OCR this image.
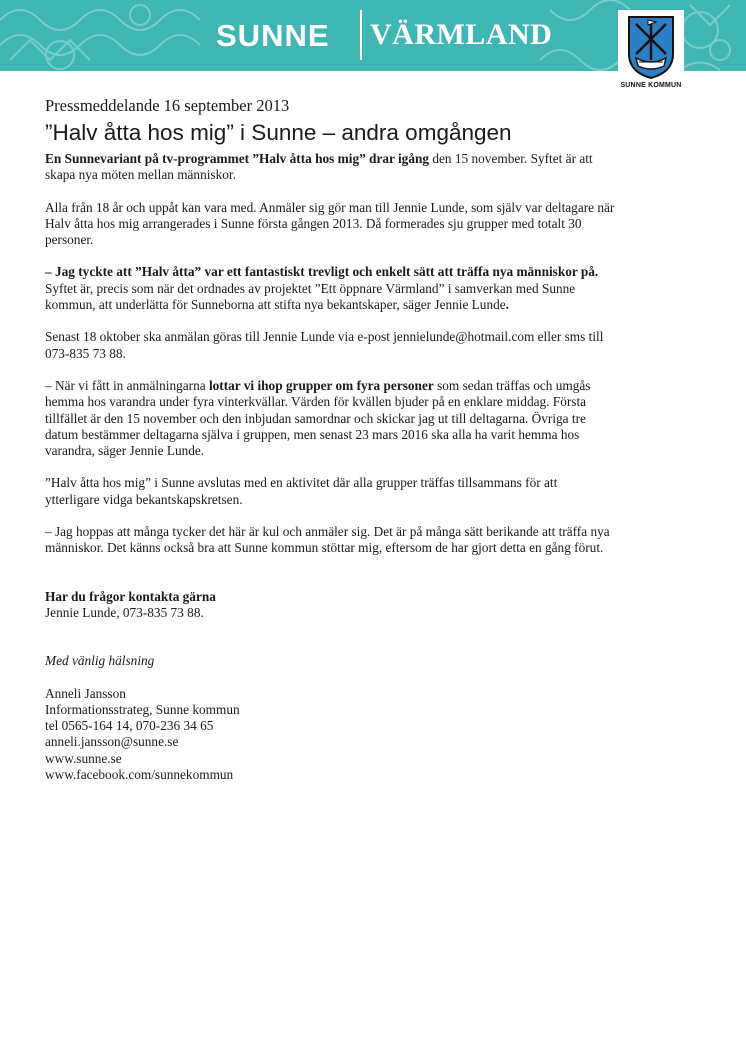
SUNNE VÄRMLAND
SUNNE KOMMUN

Pressmeddelande 16 september 2013

”Halv åtta hos mig” i Sunne – andra omgången

En Sunnevariant på tv-programmet ”Halv åtta hos mig” drar igång den 15 november. Syftet är att skapa nya möten mellan människor.

Alla från 18 år och uppåt kan vara med. Anmäler sig gör man till Jennie Lunde, som själv var deltagare när Halv åtta hos mig arrangerades i Sunne första gången 2013. Då formerades sju grupper med totalt 30 personer.

– Jag tyckte att ”Halv åtta” var ett fantastiskt trevligt och enkelt sätt att träffa nya människor på. Syftet är, precis som när det ordnades av projektet ”Ett öppnare Värmland” i samverkan med Sunne kommun, att underlätta för Sunneborna att stifta nya bekantskaper, säger Jennie Lunde.

Senast 18 oktober ska anmälan göras till Jennie Lunde via e-post jennielunde@hotmail.com eller sms till 073-835 73 88.

– När vi fått in anmälningarna lottar vi ihop grupper om fyra personer som sedan träffas och umgås hemma hos varandra under fyra vinterkvällar. Värden för kvällen bjuder på en enklare middag. Första tillfället är den 15 november och den inbjudan samordnar och skickar jag ut till deltagarna. Övriga tre datum bestämmer deltagarna själva i gruppen, men senast 23 mars 2016 ska alla ha varit hemma hos varandra, säger Jennie Lunde.

”Halv åtta hos mig” i Sunne avslutas med en aktivitet där alla grupper träffas tillsammans för att ytterligare vidga bekantskapskretsen.

– Jag hoppas att många tycker det här är kul och anmäler sig. Det är på många sätt berikande att träffa nya människor. Det känns också bra att Sunne kommun stöttar mig, eftersom de har gjort detta en gång förut.

Har du frågor kontakta gärna

Jennie Lunde, 073-835 73 88.

Med vänlig hälsning

Anneli Jansson

Informationsstrateg, Sunne kommun

tel 0565-164 14, 070-236 34 65

anneli.jansson@sunne.se

www.sunne.se

www.facebook.com/sunnekommun
